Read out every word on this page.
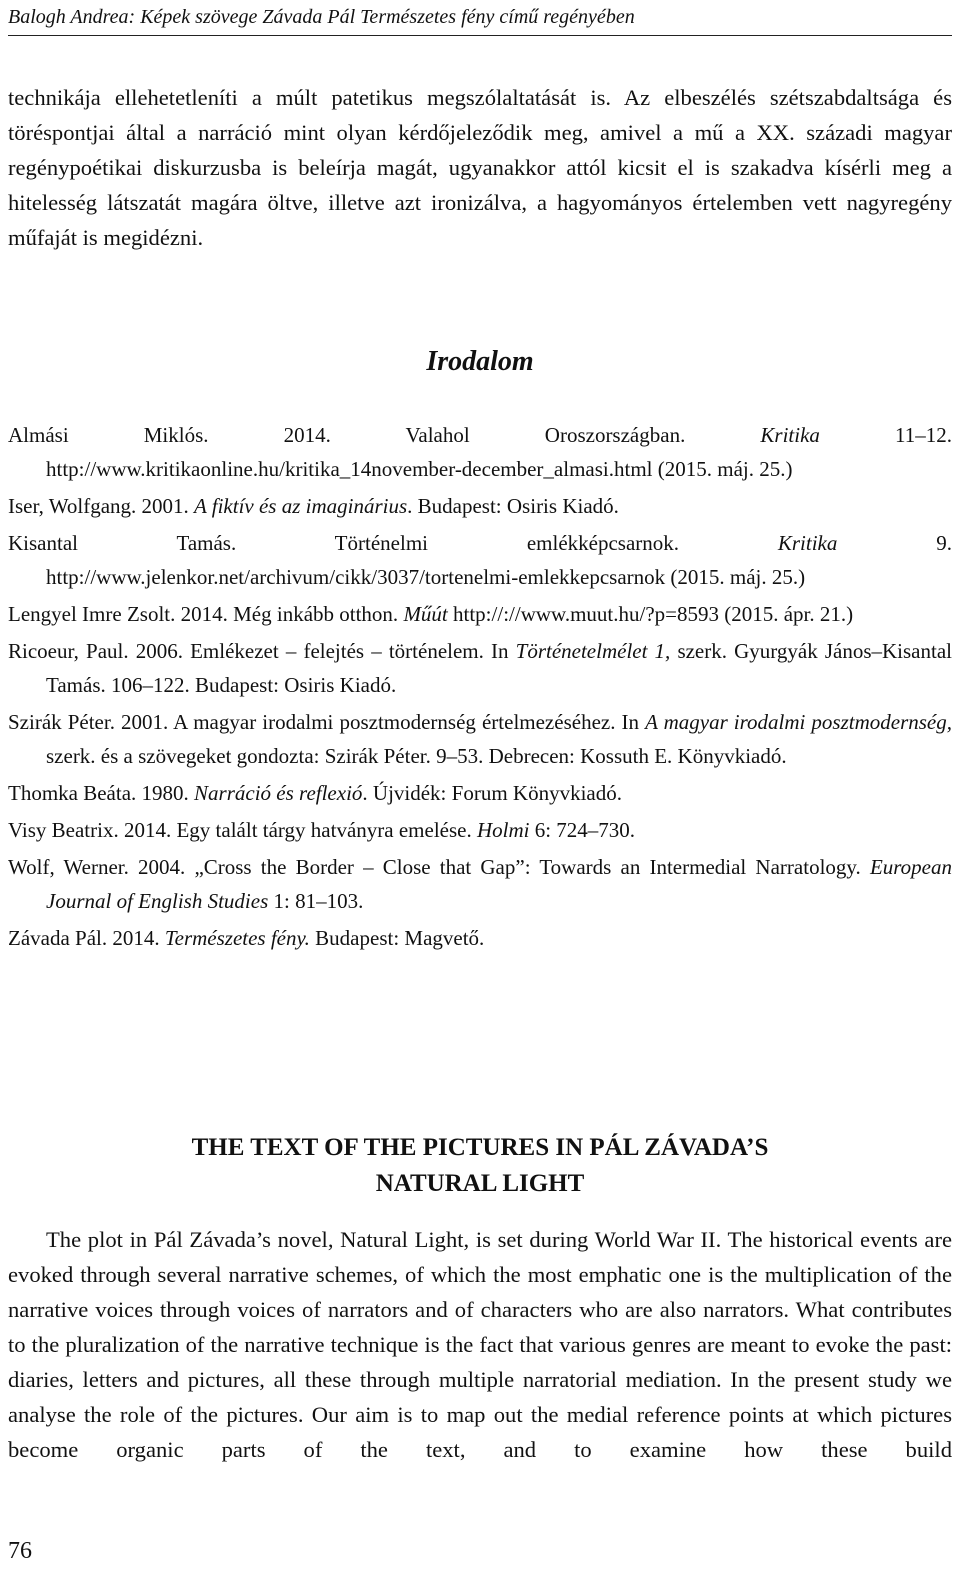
Balogh Andrea: Képek szövege Závada Pál Természetes fény című regényében

technikája ellehetetleníti a múlt patetikus megszólaltatását is. Az elbeszélés szétszabdaltsága és töréspontjai által a narráció mint olyan kérdőjeleződik meg, amivel a mű a XX. századi magyar regénypoétikai diskurzusba is beleírja magát, ugyanakkor attól kicsit el is szakadva kísérli meg a hitelesség látszatát magára öltve, illetve azt ironizálva, a hagyományos értelemben vett nagyregény műfaját is megidézni.

Irodalom
Almási Miklós. 2014. Valahol Oroszországban. Kritika 11–12. http://www.kritikaonline.hu/kritika_14november-december_almasi.html (2015. máj. 25.)
Iser, Wolfgang. 2001. A fiktív és az imaginárius. Budapest: Osiris Kiadó.
Kisantal Tamás. Történelmi emlékképcsarnok. Kritika 9. http://www.jelenkor.net/archivum/cikk/3037/tortenelmi-emlekkepcsarnok (2015. máj. 25.)
Lengyel Imre Zsolt. 2014. Még inkább otthon. Műút http://://www.muut.hu/?p=8593 (2015. ápr. 21.)
Ricoeur, Paul. 2006. Emlékezet – felejtés – történelem. In Történetelmélet 1, szerk. Gyurgyák János–Kisantal Tamás. 106–122. Budapest: Osiris Kiadó.
Szirák Péter. 2001. A magyar irodalmi posztmodernség értelmezéséhez. In A magyar irodalmi posztmodernség, szerk. és a szövegeket gondozta: Szirák Péter. 9–53. Debrecen: Kossuth E. Könyvkiadó.
Thomka Beáta. 1980. Narráció és reflexió. Újvidék: Forum Könyvkiadó.
Visy Beatrix. 2014. Egy talált tárgy hatványra emelése. Holmi 6: 724–730.
Wolf, Werner. 2004. „Cross the Border – Close that Gap”: Towards an Intermedial Narratology. European Journal of English Studies 1: 81–103.
Závada Pál. 2014. Természetes fény. Budapest: Magvető.
THE TEXT OF THE PICTURES IN PÁL ZÁVADA’S
NATURAL LIGHT

The plot in Pál Závada’s novel, Natural Light, is set during World War II. The historical events are evoked through several narrative schemes, of which the most emphatic one is the multiplication of the narrative voices through voices of narrators and of characters who are also narrators. What contributes to the pluralization of the narrative technique is the fact that various genres are meant to evoke the past: diaries, letters and pictures, all these through multiple narratorial mediation. In the present study we analyse the role of the pictures. Our aim is to map out the medial reference points at which pictures become organic parts of the text, and to examine how these build

76
